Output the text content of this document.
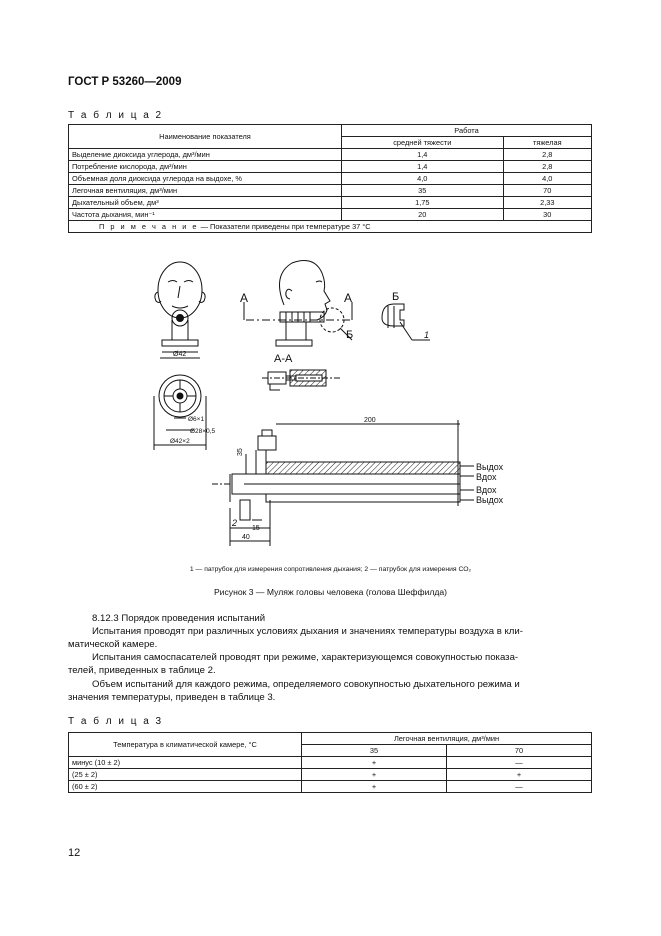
ГОСТ Р 53260—2009
Т а б л и ц а 2
Наименование показателя	Работа	
	средней тяжести	тяжелая
Выделение диоксида углерода, дм³/мин	1,4	2,8
Потребление кислорода, дм³/мин	1,4	2,8
Объемная доля диоксида углерода на выдохе, %	4,0	4,0
Легочная вентиляция, дм³/мин	35	70
Дыхательный объем, дм³	1,75	2,33
Частота дыхания, мин⁻¹	20	30
П р и м е ч а н и е — Показатели приведены при температуре 37 °С		
А	А
Б
Б
1
А-А
Ø42
Ø6×1
Ø28×0,5
Ø42×2
200
35
15
40
2
Выдох
Вдох
Вдох
Выдох
1 — патрубок для измерения сопротивления дыхания; 2 — патрубок для измерения СО₂
Рисунок 3 — Муляж головы человека (голова Шеффилда)
8.12.3 Порядок проведения испытаний
Испытания проводят при различных условиях дыхания и значениях температуры воздуха в кли-
матической камере.
Испытания самоспасателей проводят при режиме, характеризующемся совокупностью показа-
телей, приведенных в таблице 2.
Объем испытаний для каждого режима, определяемого совокупностью дыхательного режима и
значения температуры, приведен в таблице 3.
Т а б л и ц а 3
Температура в климатической камере, °С	Легочная вентиляция, дм³/мин	
	35	70
минус (10 ± 2)	+	—
(25 ± 2)	+	+
(60 ± 2)	+	—
12
